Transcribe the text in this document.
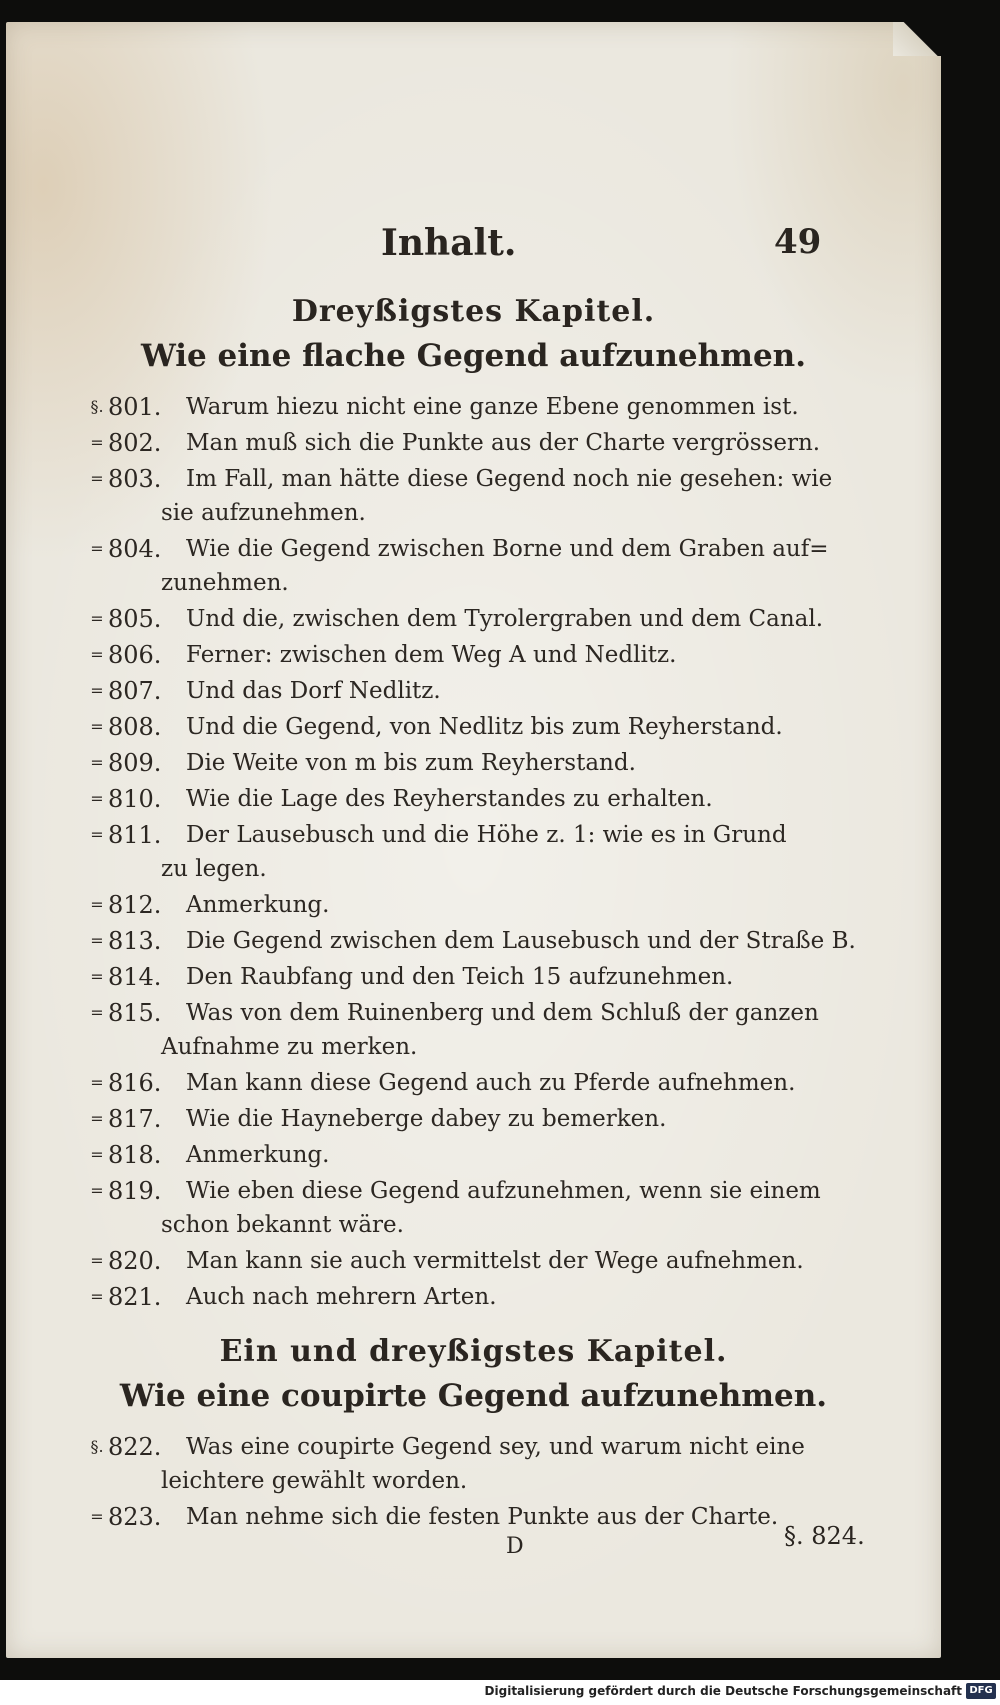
Inhalt.	49
Dreyßigstes Kapitel.
Wie eine flache Gegend aufzunehmen.
§. 801. Warum hiezu nicht eine ganze Ebene genommen ist.
= 802. Man muß sich die Punkte aus der Charte vergrössern.
= 803. Im Fall, man hätte diese Gegend noch nie gesehen: wie
sie aufzunehmen.
= 804. Wie die Gegend zwischen Borne und dem Graben auf=
zunehmen.
= 805. Und die, zwischen dem Tyrolergraben und dem Canal.
= 806. Ferner: zwischen dem Weg A und Nedlitz.
= 807. Und das Dorf Nedlitz.
= 808. Und die Gegend, von Nedlitz bis zum Reyherstand.
= 809. Die Weite von m bis zum Reyherstand.
= 810. Wie die Lage des Reyherstandes zu erhalten.
= 811. Der Lausebusch und die Höhe z. 1: wie es in Grund
zu legen.
= 812. Anmerkung.
= 813. Die Gegend zwischen dem Lausebusch und der Straße B.
= 814. Den Raubfang und den Teich 15 aufzunehmen.
= 815. Was von dem Ruinenberg und dem Schluß der ganzen
Aufnahme zu merken.
= 816. Man kann diese Gegend auch zu Pferde aufnehmen.
= 817. Wie die Hayneberge dabey zu bemerken.
= 818. Anmerkung.
= 819. Wie eben diese Gegend aufzunehmen, wenn sie einem
schon bekannt wäre.
= 820. Man kann sie auch vermittelst der Wege aufnehmen.
= 821. Auch nach mehrern Arten.
Ein und dreyßigstes Kapitel.
Wie eine coupirte Gegend aufzunehmen.
§. 822. Was eine coupirte Gegend sey, und warum nicht eine
leichtere gewählt worden.
= 823. Man nehme sich die festen Punkte aus der Charte.
D	§. 824.
Digitalisierung gefördert durch die Deutsche Forschungsgemeinschaft DFG
